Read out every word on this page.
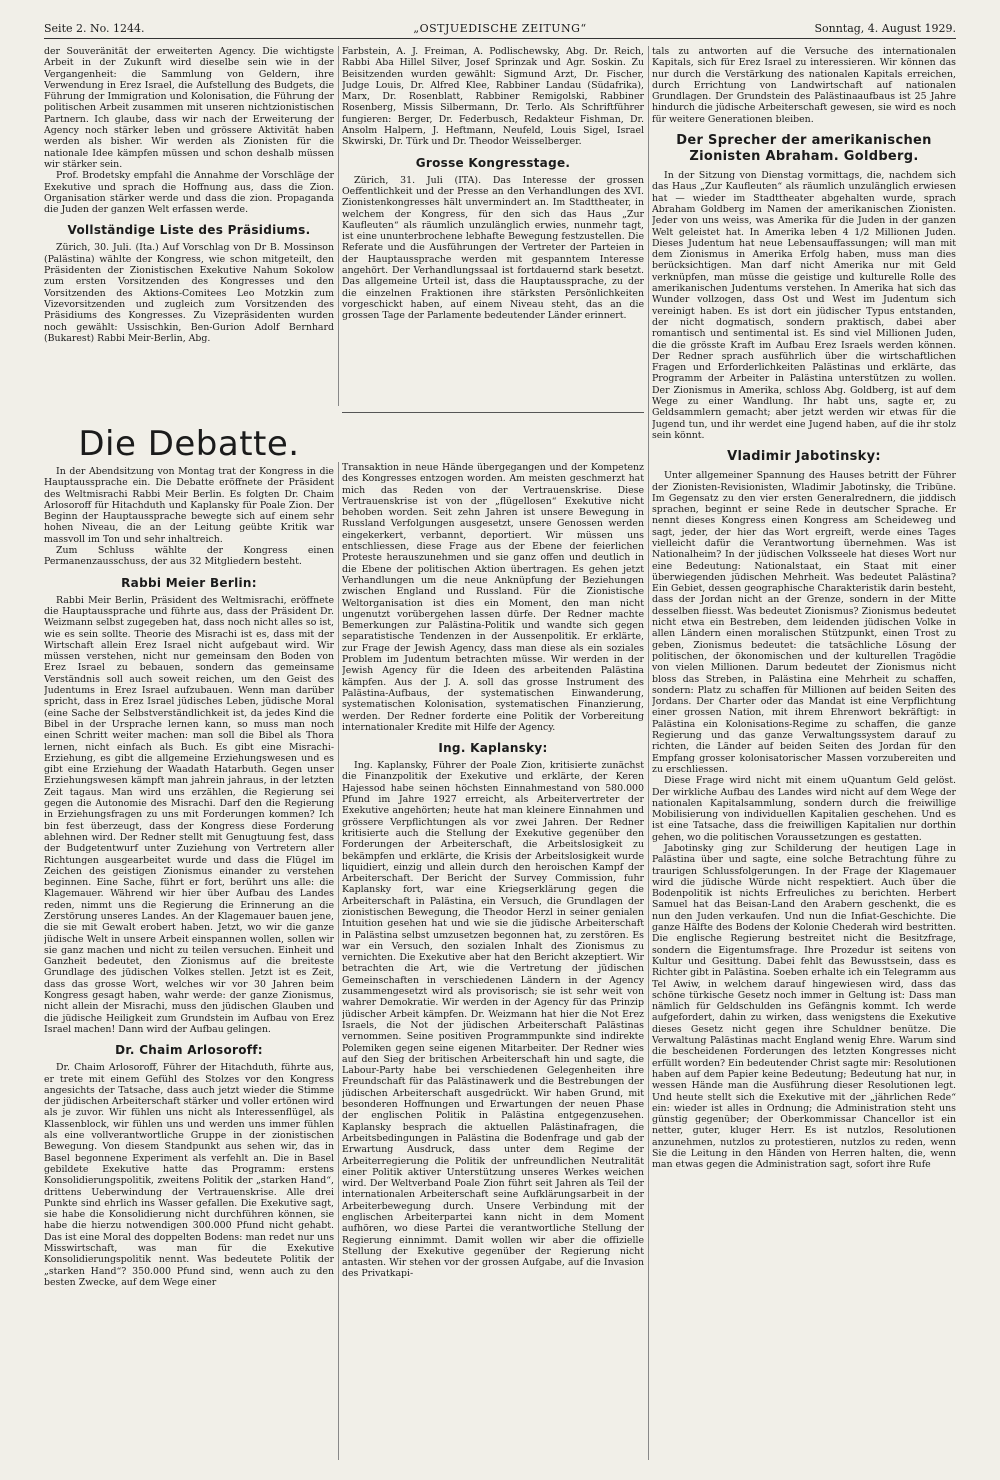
Seite 2. No. 1244.	„OSTJUEDISCHE ZEITUNG“	Sonntag, 4. August 1929.

der Souveränität der erweiterten Agency. Die wichtigste Arbeit in der Zukunft wird dieselbe sein wie in der Vergangenheit: die Sammlung von Geldern, ihre Verwendung in Erez Israel, die Aufstellung des Budgets, die Führung der Immigration und Kolonisation, die Führung der politischen Arbeit zusammen mit unseren nichtzionistischen Partnern. Ich glaube, dass wir nach der Erweiterung der Agency noch stärker leben und grössere Aktivität haben werden als bisher. Wir werden als Zionisten für die nationale Idee kämpfen müssen und schon deshalb müssen wir stärker sein.

Prof. Brodetsky empfahl die Annahme der Vorschläge der Exekutive und sprach die Hoffnung aus, dass die Zion. Organisation stärker werde und dass die zion. Propaganda die Juden der ganzen Welt erfassen werde.

Vollständige Liste des Präsidiums.

Zürich, 30. Juli. (Ita.) Auf Vorschlag von Dr B. Mossinson (Palästina) wählte der Kongress, wie schon mitgeteilt, den Präsidenten der Zionistischen Exekutive Nahum Sokolow zum ersten Vorsitzenden des Kongresses und den Vorsitzenden des Aktions-Comitees Leo Motzkin zum Vizevorsitzenden und zugleich zum Vorsitzenden des Präsidiums des Kongresses. Zu Vizepräsidenten wurden noch gewählt: Ussischkin, Ben-Gurion Adolf Bernhard (Bukarest) Rabbi Meir-Berlin, Abg.

Farbstein, A. J. Freiman, A. Podlischewsky, Abg. Dr. Reich, Rabbi Aba Hillel Silver, Josef Sprinzak und Agr. Soskin. Zu Beisitzenden wurden gewählt: Sigmund Arzt, Dr. Fischer, Judge Louis, Dr. Alfred Klee, Rabbiner Landau (Südafrika), Marx, Dr. Rosenblatt, Rabbiner Remigolski, Rabbiner Rosenberg, Missis Silbermann, Dr. Terlo. Als Schriftführer fungieren: Berger, Dr. Federbusch, Redakteur Fishman, Dr. Ansolm Halpern, J. Heftmann, Neufeld, Louis Sigel, Israel Skwirski, Dr. Türk und Dr. Theodor Weisselberger.

Grosse Kongresstage.

Zürich, 31. Juli (ITA). Das Interesse der grossen Oeffentlichkeit und der Presse an den Verhandlungen des XVI. Zionistenkongresses hält unvermindert an. Im Stadttheater, in welchem der Kongress, für den sich das Haus „Zur Kaufleuten“ als räumlich unzulänglich erwies, nunmehr tagt, ist eine ununterbrochene lebhafte Bewegung festzustellen. Die Referate und die Ausführungen der Vertreter der Parteien in der Hauptaussprache werden mit gespanntem Interesse angehört. Der Verhandlungssaal ist fortdauernd stark besetzt. Das allgemeine Urteil ist, dass die Hauptaussprache, zu der die einzelnen Fraktionen ihre stärksten Persönlichkeiten vorgeschickt haben, auf einem Niveau steht, das an die grossen Tage der Parlamente bedeutender Länder erinnert.

Die Debatte.

In der Abendsitzung von Montag trat der Kongress in die Hauptaussprache ein. Die Debatte eröffnete der Präsident des Weltmisrachi Rabbi Meir Berlin. Es folgten Dr. Chaim Arlosoroff für Hitachduth und Kaplansky für Poale Zion. Der Beginn der Hauptaussprache bewegte sich auf einem sehr hohen Niveau, die an der Leitung geübte Kritik war massvoll im Ton und sehr inhaltreich.

Zum Schluss wählte der Kongress einen Permanenzausschuss, der aus 32 Mitgliedern besteht.

Rabbi Meier Berlin:

Rabbi Meir Berlin, Präsident des Weltmisrachi, eröffnete die Hauptaussprache und führte aus, dass der Präsident Dr. Weizmann selbst zugegeben hat, dass noch nicht alles so ist, wie es sein sollte. Theorie des Misrachi ist es, dass mit der Wirtschaft allein Erez Israel nicht aufgebaut wird. Wir müssen verstehen, nicht nur gemeinsam den Boden von Erez Israel zu bebauen, sondern das gemeinsame Verständnis soll auch soweit reichen, um den Geist des Judentums in Erez Israel aufzubauen. Wenn man darüber spricht, dass in Erez Israel jüdisches Leben, jüdische Moral (eine Sache der Selbstverständlichkeit ist, da jedes Kind die Bibel in der Ursprache lernen kann, so muss man noch einen Schritt weiter machen: man soll die Bibel als Thora lernen, nicht einfach als Buch. Es gibt eine Misrachi-Erziehung, es gibt die allgemeine Erziehungswesen und es gibt eine Erziehung der Waadath Hatarbuth. Gegen unser Erziehungswesen kämpft man jahrein jahraus, in der letzten Zeit tagaus. Man wird uns erzählen, die Regierung sei gegen die Autonomie des Misrachi. Darf den die Regierung in Erziehungsfragen zu uns mit Forderungen kommen? Ich bin fest überzeugt, dass der Kongress diese Forderung ablehnen wird. Der Redner stellt mit Genugtuung fest, dass der Budgetentwurf unter Zuziehung von Vertretern aller Richtungen ausgearbeitet wurde und dass die Flügel im Zeichen des geistigen Zionismus einander zu verstehen beginnen. Eine Sache, führt er fort, berührt uns alle: die Klagemauer. Während wir hier über Aufbau des Landes reden, nimmt uns die Regierung die Erinnerung an die Zerstörung unseres Landes. An der Klagemauer bauen jene, die sie mit Gewalt erobert haben. Jetzt, wo wir die ganze jüdische Welt in unsere Arbeit einspannen wollen, sollen wir sie ganz machen und nicht zu teilen versuchen. Einheit und Ganzheit bedeutet, den Zionismus auf die breiteste Grundlage des jüdischen Volkes stellen. Jetzt ist es Zeit, dass das grosse Wort, welches wir vor 30 Jahren beim Kongress gesagt haben, wahr werde: der ganze Zionismus, nicht allein der Misrachi, muss den jüdischen Glauben und die jüdische Heiligkeit zum Grundstein im Aufbau von Erez Israel machen! Dann wird der Aufbau gelingen.

Dr. Chaim Arlosoroff:

Dr. Chaim Arlosoroff, Führer der Hitachduth, führte aus, er trete mit einem Gefühl des Stolzes vor den Kongress angesichts der Tatsache, dass auch jetzt wieder die Stimme der jüdischen Arbeiterschaft stärker und voller ertönen wird als je zuvor. Wir fühlen uns nicht als Interessenflügel, als Klassenblock, wir fühlen uns und werden uns immer fühlen als eine vollverantwortliche Gruppe in der zionistischen Bewegung. Von diesem Standpunkt aus sehen wir, das in Basel begonnene Experiment als verfehlt an. Die in Basel gebildete Exekutive hatte das Programm: erstens Konsolidierungspolitik, zweitens Politik der „starken Hand“, drittens Ueberwindung der Vertrauenskrise. Alle drei Punkte sind ehrlich ins Wasser gefallen. Die Exekutive sagt, sie habe die Konsolidierung nicht durchführen können, sie habe die hierzu notwendigen 300.000 Pfund nicht gehabt. Das ist eine Moral des doppelten Bodens: man redet nur uns Misswirtschaft, was man für die Exekutive Konsolidierungspolitik nennt. Was bedeutete Politik der „starken Hand“? 350.000 Pfund sind, wenn auch zu den besten Zwecke, auf dem Wege einer

Transaktion in neue Hände übergegangen und der Kompetenz des Kongresses entzogen worden. Am meisten geschmerzt hat mich das Reden von der Vertrauenskrise. Diese Vertrauenskrise ist von der „flügellosen“ Exekutive nicht behoben worden. Seit zehn Jahren ist unsere Bewegung in Russland Verfolgungen ausgesetzt, unsere Genossen werden eingekerkert, verbannt, deportiert. Wir müssen uns entschliessen, diese Frage aus der Ebene der feierlichen Proteste herauszunehmen und sie ganz offen und deutlich in die Ebene der politischen Aktion übertragen. Es gehen jetzt Verhandlungen um die neue Anknüpfung der Beziehungen zwischen England und Russland. Für die Zionistische Weltorganisation ist dies ein Moment, den man nicht ungenutzt vorübergehen lassen dürfe. Der Redner machte Bemerkungen zur Palästina-Politik und wandte sich gegen separatistische Tendenzen in der Aussenpolitik. Er erklärte, zur Frage der Jewish Agency, dass man diese als ein soziales Problem im Judentum betrachten müsse. Wir werden in der Jewish Agency für die Ideen des arbeitenden Palästina kämpfen. Aus der J. A. soll das grosse Instrument des Palästina-Aufbaus, der systematischen Einwanderung, systematischen Kolonisation, systematischen Finanzierung, werden. Der Redner forderte eine Politik der Vorbereitung internationaler Kredite mit Hilfe der Agency.

Ing. Kaplansky:

Ing. Kaplansky, Führer der Poale Zion, kritisierte zunächst die Finanzpolitik der Exekutive und erklärte, der Keren Hajessod habe seinen höchsten Einnahmestand von 580.000 Pfund im Jahre 1927 erreicht, als Arbeitervertreter der Exekutive angehörten; heute hat man kleinere Einnahmen und grössere Verpflichtungen als vor zwei Jahren. Der Redner kritisierte auch die Stellung der Exekutive gegenüber den Forderungen der Arbeiterschaft, die Arbeitslosigkeit zu bekämpfen und erklärte, die Krisis der Arbeitslosigkeit wurde liquidiert, einzig und allein durch den heroischen Kampf der Arbeiterschaft. Der Bericht der Survey Commission, fuhr Kaplansky fort, war eine Kriegserklärung gegen die Arbeiterschaft in Palästina, ein Versuch, die Grundlagen der zionistischen Bewegung, die Theodor Herzl in seiner genialen Intuition gesehen hat und wie sie die jüdische Arbeiterschaft in Palästina selbst umzusetzen begonnen hat, zu zerstören. Es war ein Versuch, den sozialen Inhalt des Zionismus zu vernichten. Die Exekutive aber hat den Bericht akzeptiert. Wir betrachten die Art, wie die Vertretung der jüdischen Gemeinschaften in verschiedenen Ländern in der Agency zusammengesetzt wird als provisorisch; sie ist sehr weit von wahrer Demokratie. Wir werden in der Agency für das Prinzip jüdischer Arbeit kämpfen. Dr. Weizmann hat hier die Not Erez Israels, die Not der jüdischen Arbeiterschaft Palästinas vernommen. Seine positiven Programmpunkte sind indirekte Polemiken gegen seine eigenen Mitarbeiter. Der Redner wies auf den Sieg der britischen Arbeiterschaft hin und sagte, die Labour-Party habe bei verschiedenen Gelegenheiten ihre Freundschaft für das Palästinawerk und die Bestrebungen der jüdischen Arbeiterschaft ausgedrückt. Wir haben Grund, mit besonderen Hoffnungen und Erwartungen der neuen Phase der englischen Politik in Palästina entgegenzusehen. Kaplansky besprach die aktuellen Palästinafragen, die Arbeitsbedingungen in Palästina die Bodenfrage und gab der Erwartung Ausdruck, dass unter dem Regime der Arbeiterregierung die Politik der unfreundlichen Neutralität einer Politik aktiver Unterstützung unseres Werkes weichen wird. Der Weltverband Poale Zion führt seit Jahren als Teil der internationalen Arbeiterschaft seine Aufklärungsarbeit in der Arbeiterbewegung durch. Unsere Verbindung mit der englischen Arbeiterpartei kann nicht in dem Moment aufhören, wo diese Partei die verantwortliche Stellung der Regierung einnimmt. Damit wollen wir aber die offizielle Stellung der Exekutive gegenüber der Regierung nicht antasten. Wir stehen vor der grossen Aufgabe, auf die Invasion des Privatkapi-

tals zu antworten auf die Versuche des internationalen Kapitals, sich für Erez Israel zu interessieren. Wir können das nur durch die Verstärkung des nationalen Kapitals erreichen, durch Errichtung von Landwirtschaft auf nationalen Grundlagen. Der Grundstein des Palästinaaufbaus ist 25 Jahre hindurch die jüdische Arbeiterschaft gewesen, sie wird es noch für weitere Generationen bleiben.

Der Sprecher der amerikanischen Zionisten Abraham. Goldberg.

In der Sitzung von Dienstag vormittags, die, nachdem sich das Haus „Zur Kaufleuten“ als räumlich unzulänglich erwiesen hat — wieder im Stadttheater abgehalten wurde, sprach Abraham Goldberg im Namen der amerikanischen Zionisten. Jeder von uns weiss, was Amerika für die Juden in der ganzen Welt geleistet hat. In Amerika leben 4 1/2 Millionen Juden. Dieses Judentum hat neue Lebensauffassungen; will man mit dem Zionismus in Amerika Erfolg haben, muss man dies berücksichtigen. Man darf nicht Amerika nur mit Geld verknüpfen, man müsse die geistige und kulturelle Rolle des amerikanischen Judentums verstehen. In Amerika hat sich das Wunder vollzogen, dass Ost und West im Judentum sich vereinigt haben. Es ist dort ein jüdischer Typus entstanden, der nicht dogmatisch, sondern praktisch, dabei aber romantisch und sentimental ist. Es sind viel Millionen Juden, die die grösste Kraft im Aufbau Erez Israels werden können. Der Redner sprach ausführlich über die wirtschaftlichen Fragen und Erforderlichkeiten Palästinas und erklärte, das Programm der Arbeiter in Palästina unterstützen zu wollen. Der Zionismus in Amerika, schloss Abg. Goldberg, ist auf dem Wege zu einer Wandlung. Ihr habt uns, sagte er, zu Geldsammlern gemacht; aber jetzt werden wir etwas für die Jugend tun, und ihr werdet eine Jugend haben, auf die ihr stolz sein könnt.

Vladimir Jabotinsky:

Unter allgemeiner Spannung des Hauses betritt der Führer der Zionisten-Revisionisten, Wladimir Jabotinsky, die Tribüne. Im Gegensatz zu den vier ersten Generalrednern, die jiddisch sprachen, beginnt er seine Rede in deutscher Sprache. Er nennt dieses Kongress einen Kongress am Scheideweg und sagt, jeder, der hier das Wort ergreift, werde eines Tages vielleicht dafür die Verantwortung übernehmen. Was ist Nationalheim? In der jüdischen Volksseele hat dieses Wort nur eine Bedeutung: Nationalstaat, ein Staat mit einer überwiegenden jüdischen Mehrheit. Was bedeutet Palästina? Ein Gebiet, dessen geographische Charakteristik darin besteht, dass der Jordan nicht an der Grenze, sondern in der Mitte desselben fliesst. Was bedeutet Zionismus? Zionismus bedeutet nicht etwa ein Bestreben, dem leidenden jüdischen Volke in allen Ländern einen moralischen Stützpunkt, einen Trost zu geben, Zionismus bedeutet: die tatsächliche Lösung der politischen, der ökonomischen und der kulturellen Tragödie von vielen Millionen. Darum bedeutet der Zionismus nicht bloss das Streben, in Palästina eine Mehrheit zu schaffen, sondern: Platz zu schaffen für Millionen auf beiden Seiten des Jordans. Der Charter oder das Mandat ist eine Verpflichtung einer grossen Nation, mit ihrem Ehrenwort bekräftigt: in Palästina ein Kolonisations-Regime zu schaffen, die ganze Regierung und das ganze Verwaltungssystem darauf zu richten, die Länder auf beiden Seiten des Jordan für den Empfang grosser kolonisatorischer Massen vorzubereiten und zu erschliessen.

Diese Frage wird nicht mit einem uQuantum Geld gelöst. Der wirkliche Aufbau des Landes wird nicht auf dem Wege der nationalen Kapitalsammlung, sondern durch die freiwillige Mobilisierung von individuellen Kapitalien geschehen. Und es ist eine Tatsache, dass die freiwilligen Kapitalien nur dorthin gehen, wo die politischen Voraussetzungen es gestatten.

Jabotinsky ging zur Schilderung der heutigen Lage in Palästina über und sagte, eine solche Betrachtung führe zu traurigen Schlussfolgerungen. In der Frage der Klagemauer wird die jüdische Würde nicht respektiert. Auch über die Bodenpolitik ist nichts Erfreuliches zu berichten. Herbert Samuel hat das Beisan-Land den Arabern geschenkt, die es nun den Juden verkaufen. Und nun die Infiat-Geschichte. Die ganze Hälfte des Bodens der Kolonie Chederah wird bestritten. Die englische Regierung bestreitet nicht die Besitzfrage, sondern die Eigentumsfrage. Ihre Prozedur ist seitens von Kultur und Gesittung. Dabei fehlt das Bewusstsein, dass es Richter gibt in Palästina. Soeben erhalte ich ein Telegramm aus Tel Awiw, in welchem darauf hingewiesen wird, dass das schöne türkische Gesetz noch immer in Geltung ist: Dass man nämlich für Geldschulden ins Gefängnis kommt. Ich werde aufgefordert, dahin zu wirken, dass wenigstens die Exekutive dieses Gesetz nicht gegen ihre Schuldner benütze. Die Verwaltung Palästinas macht England wenig Ehre. Warum sind die bescheidenen Forderungen des letzten Kongresses nicht erfüllt worden? Ein bedeutender Christ sagte mir: Resolutionen haben auf dem Papier keine Bedeutung; Bedeutung hat nur, in wessen Hände man die Ausführung dieser Resolutionen legt. Und heute stellt sich die Exekutive mit der „jährlichen Rede“ ein: wieder ist alles in Ordnung; die Administration steht uns günstig gegenüber; der Oberkommissar Chancellor ist ein netter, guter, kluger Herr. Es ist nutzlos, Resolutionen anzunehmen, nutzlos zu protestieren, nutzlos zu reden, wenn Sie die Leitung in den Händen von Herren halten, die, wenn man etwas gegen die Administration sagt, sofort ihre Rufe
